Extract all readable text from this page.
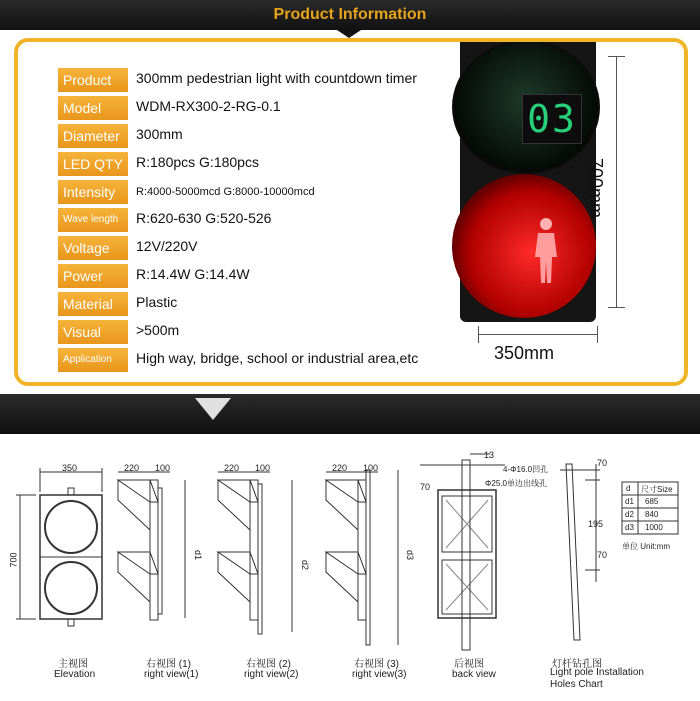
Product Information
Product	300mm pedestrian light with countdown timer
Model	WDM-RX300-2-RG-0.1
Diameter	300mm
LED QTY R:180pcs G:180pcs
Intensity	R:4000-5000mcd G:8000-10000mcd
Wave length	R:620-630 G:520-526
Voltage	12V/220V
Power	R:14.4W G:14.4W
Material	Plastic
Visual	>500m
Application	High way, bridge, school or industrial area,etc
03
700mm
350mm
350
700
主视图
Elevation
220 100
d1
右视图 (1)
right view(1)
220 100
d2
右视图 (2)
right view(2)
220 100
d3
右视图 (3)
right view(3)
13
70
4-Φ16.0凹孔
Φ25.0单边出线孔
后视图
back view
70
195
70
灯杆钻孔图
Light pole Installation
Holes Chart
d 尺寸Size
d1 685
d2 840
d3 1000
单位 Unit:mm
